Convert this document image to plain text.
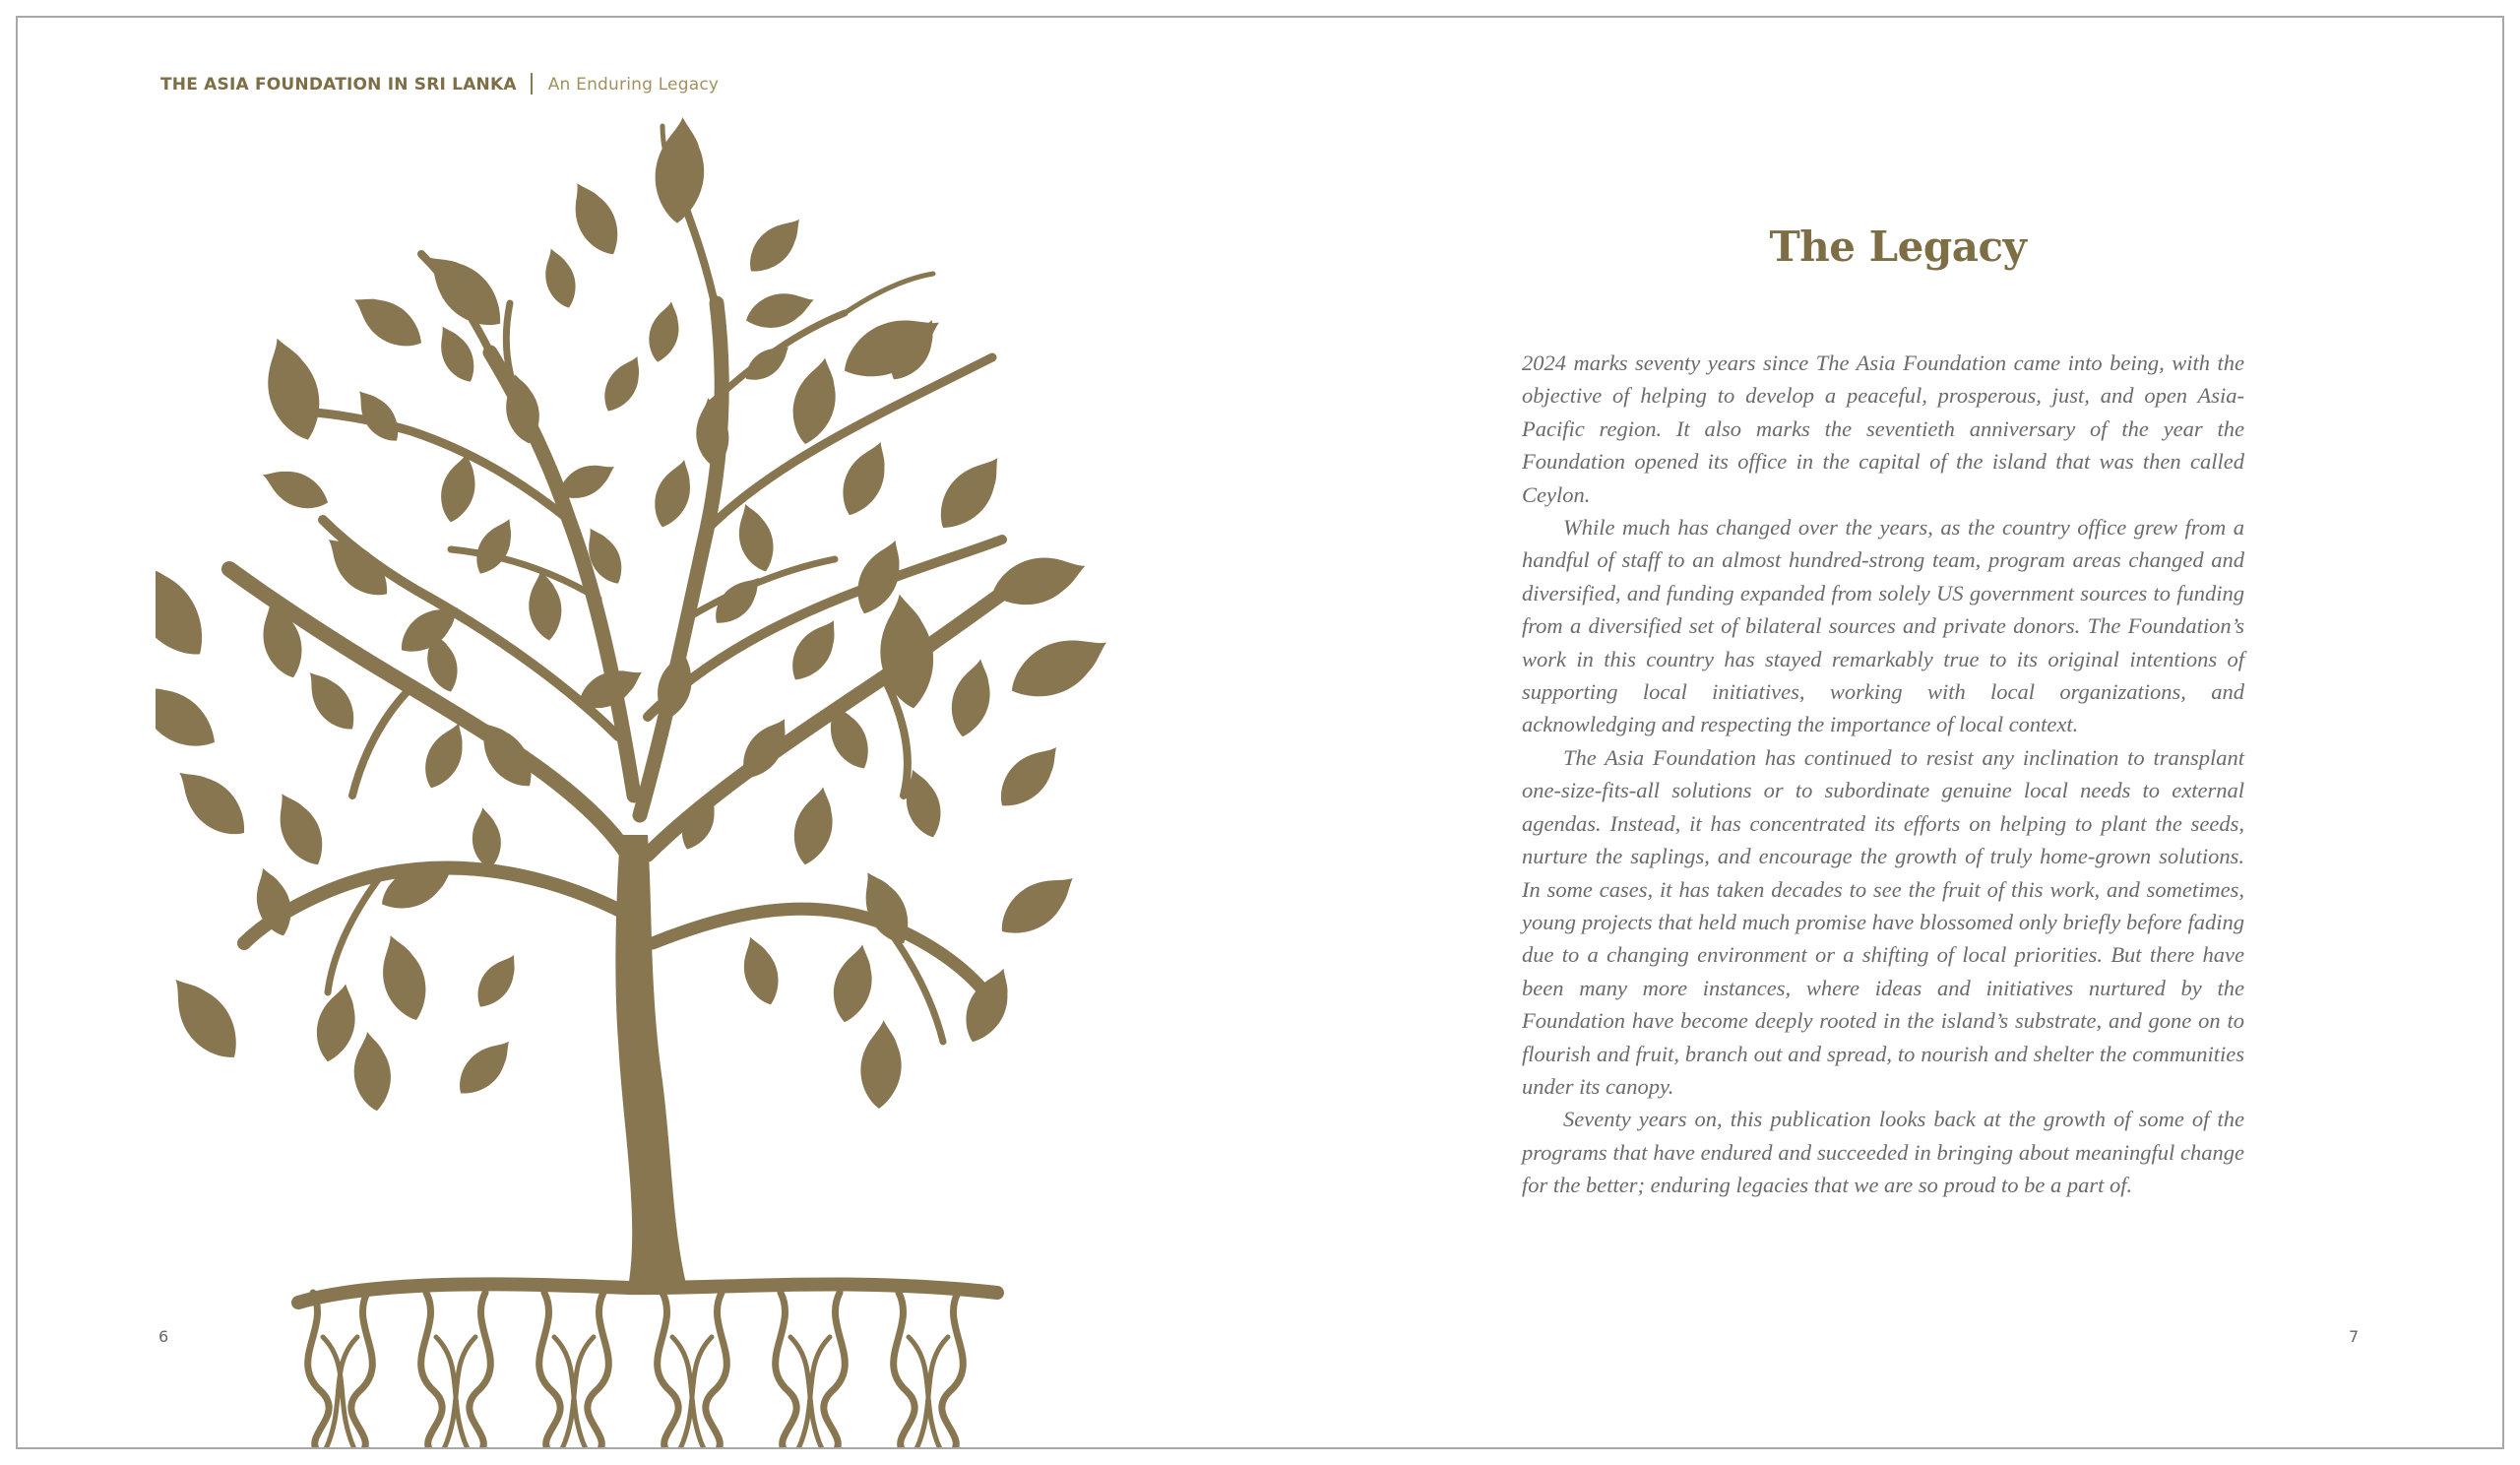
THE ASIA FOUNDATION IN SRI LANKA An Enduring Legacy
6
The Legacy

2024 marks seventy years since The Asia Foundation came into being, with the objective of helping to develop a peaceful, prosperous, just, and open Asia-Pacific region. It also marks the seventieth anniversary of the year the Foundation opened its office in the capital of the island that was then called Ceylon.

While much has changed over the years, as the country office grew from a handful of staff to an almost hundred-strong team, program areas changed and diversified, and funding expanded from solely US government sources to funding from a diversified set of bilateral sources and private donors. The Foundation’s work in this country has stayed remarkably true to its original intentions of supporting local initiatives, working with local organizations, and acknowledging and respecting the importance of local context.

The Asia Foundation has continued to resist any inclination to transplant one-size-fits-all solutions or to subordinate genuine local needs to external agendas. Instead, it has concentrated its efforts on helping to plant the seeds, nurture the saplings, and encourage the growth of truly home-grown solutions. In some cases, it has taken decades to see the fruit of this work, and sometimes, young projects that held much promise have blossomed only briefly before fading due to a changing environment or a shifting of local priorities. But there have been many more instances, where ideas and initiatives nurtured by the Foundation have become deeply rooted in the island’s substrate, and gone on to flourish and fruit, branch out and spread, to nourish and shelter the communities under its canopy.

Seventy years on, this publication looks back at the growth of some of the programs that have endured and succeeded in bringing about meaningful change for the better; enduring legacies that we are so proud to be a part of.

7
